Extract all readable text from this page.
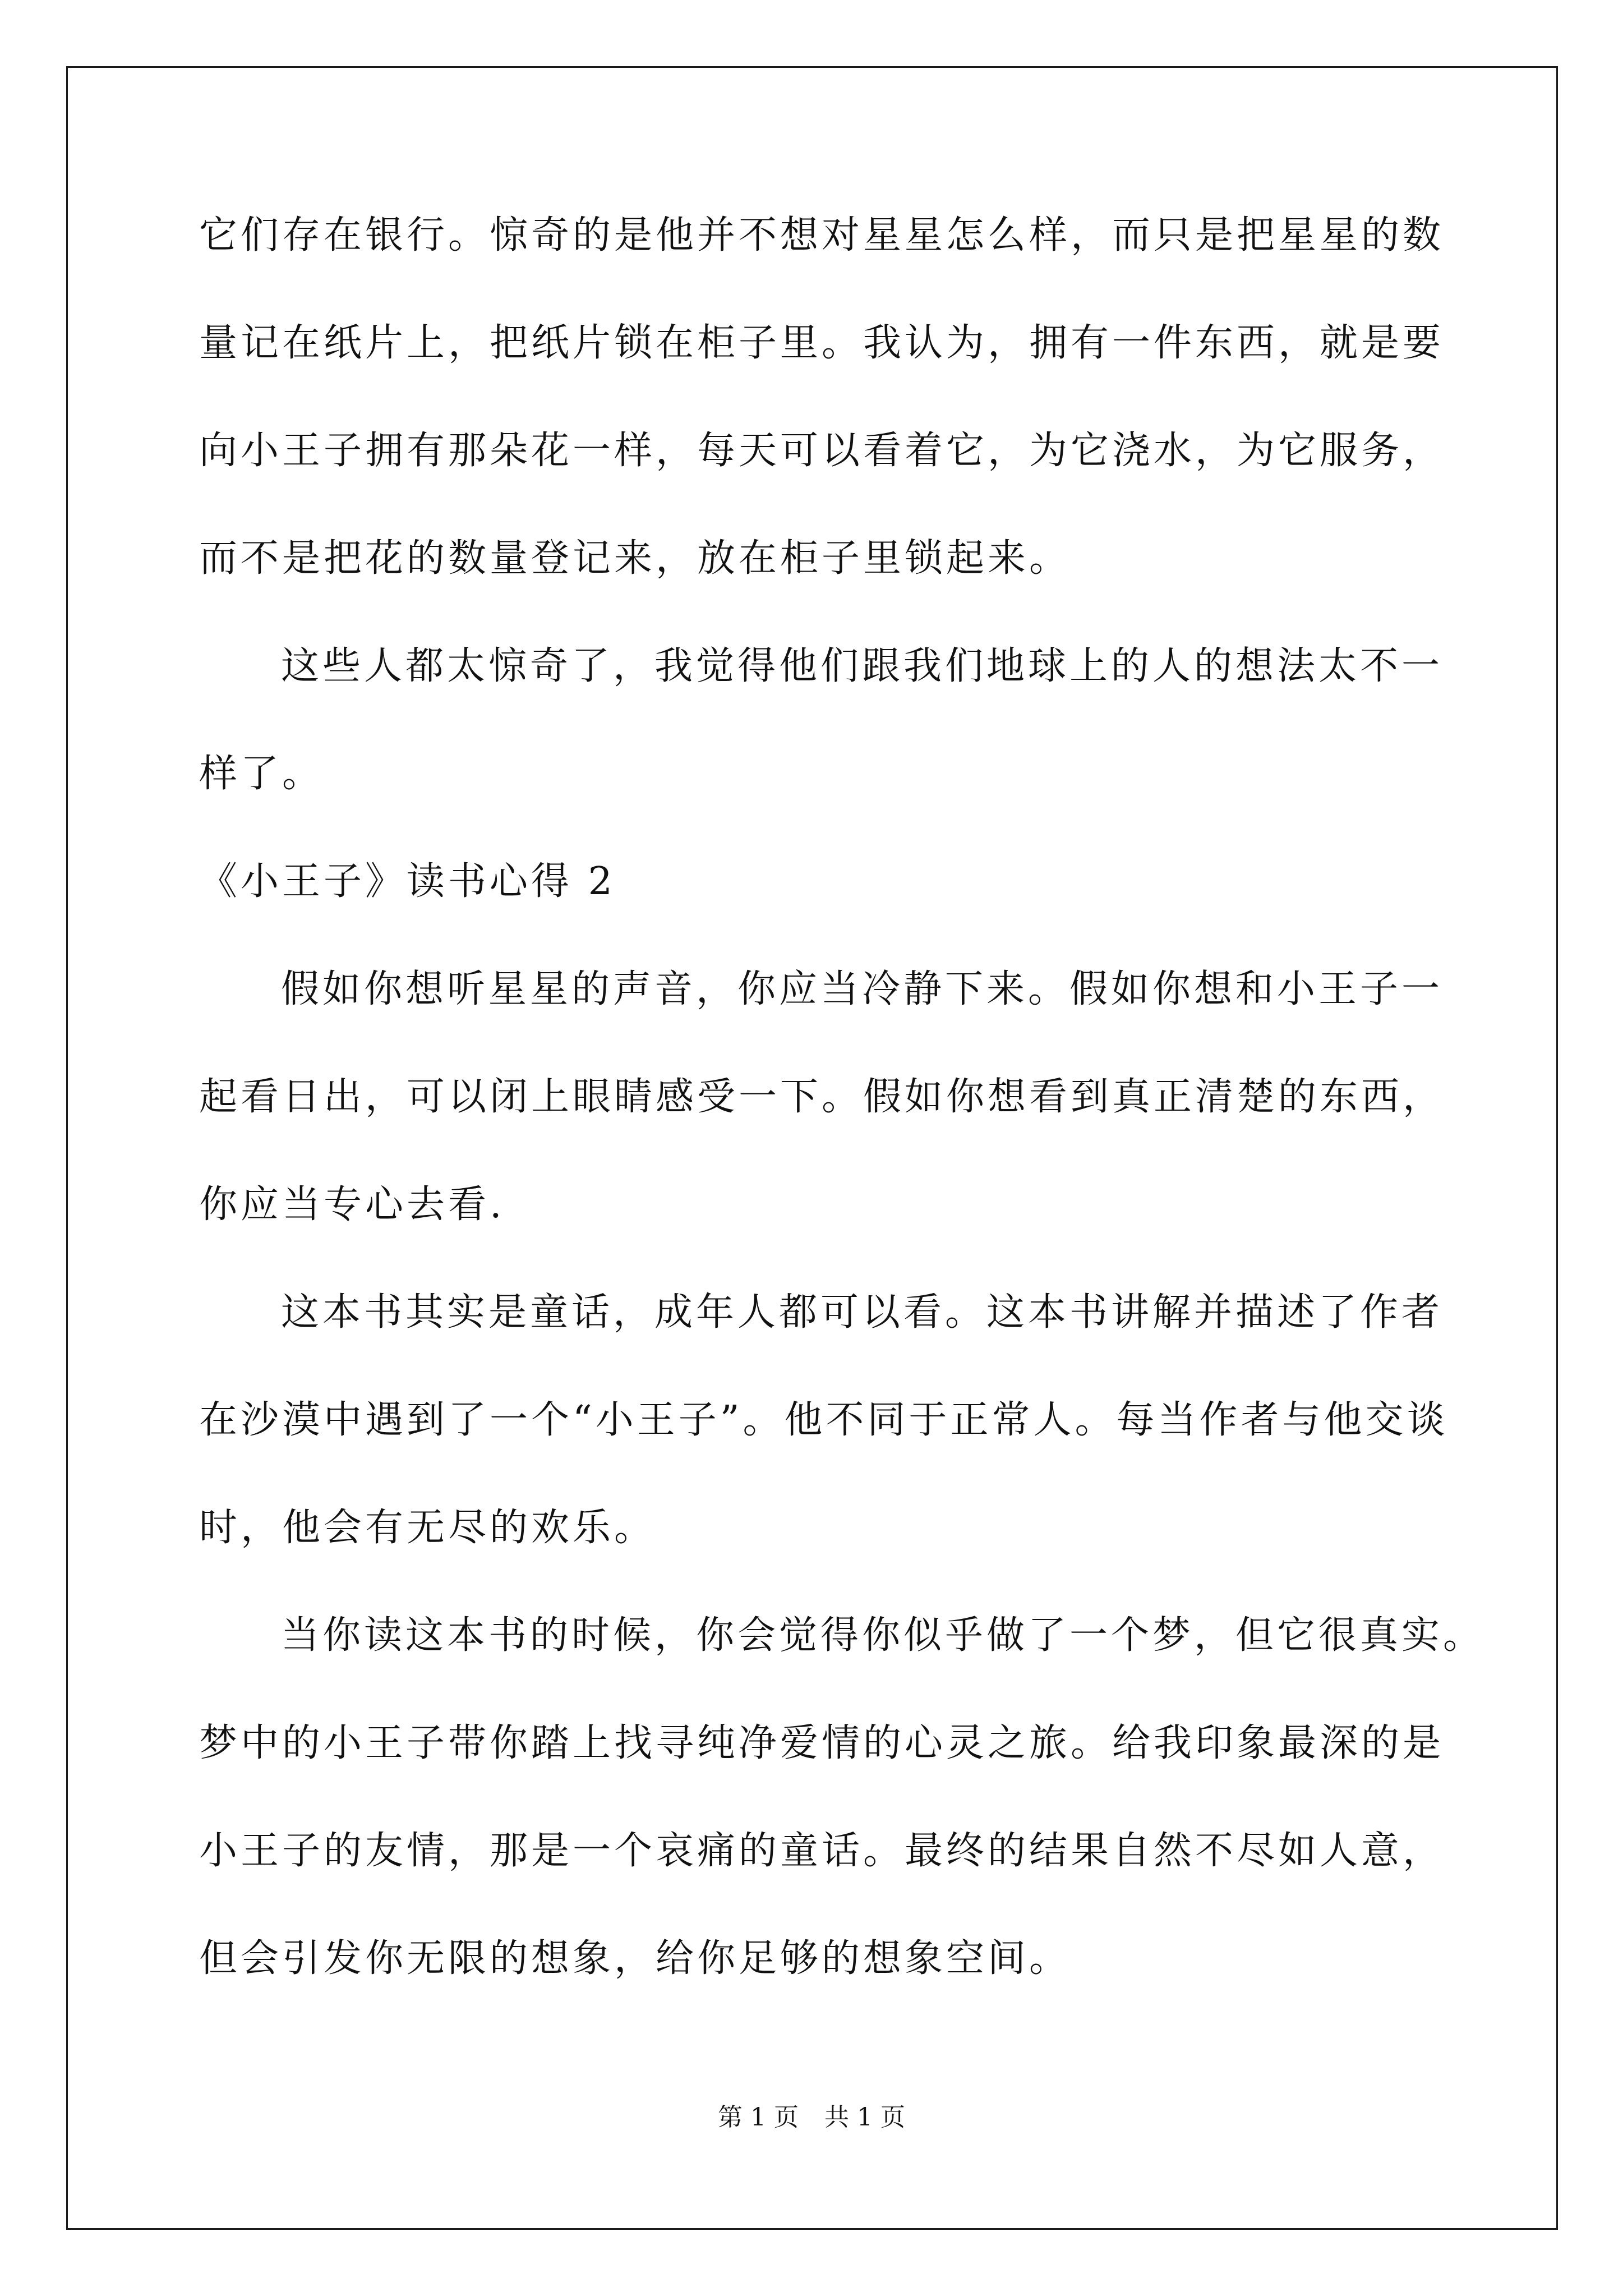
它们存在银行。惊奇的是他并不想对星星怎么样，而只是把星星的数
量记在纸片上，把纸片锁在柜子里。我认为，拥有一件东西，就是要
向小王子拥有那朵花一样，每天可以看着它，为它浇水，为它服务，
而不是把花的数量登记来，放在柜子里锁起来。
这些人都太惊奇了，我觉得他们跟我们地球上的人的想法太不一
样了。
《小王子》读书心得 2
假如你想听星星的声音，你应当冷静下来。假如你想和小王子一
起看日出，可以闭上眼睛感受一下。假如你想看到真正清楚的东西，
你应当专心去看.
这本书其实是童话，成年人都可以看。这本书讲解并描述了作者
在沙漠中遇到了一个“小王子”。他不同于正常人。每当作者与他交谈
时，他会有无尽的欢乐。
当你读这本书的时候，你会觉得你似乎做了一个梦，但它很真实。
梦中的小王子带你踏上找寻纯净爱情的心灵之旅。给我印象最深的是
小王子的友情，那是一个哀痛的童话。最终的结果自然不尽如人意，
但会引发你无限的想象，给你足够的想象空间。
第 1 页 共 1 页
